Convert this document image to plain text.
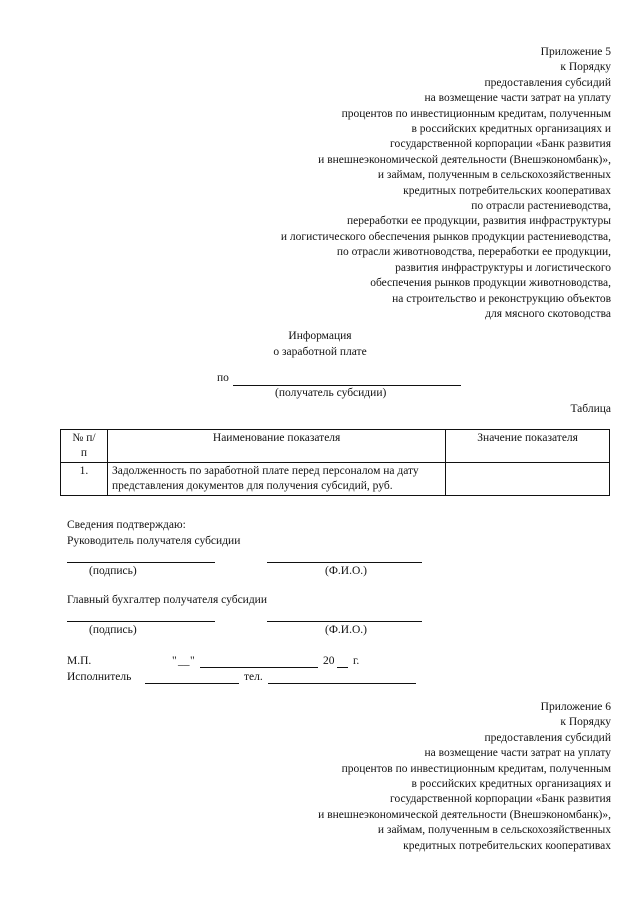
Приложение 5
к Порядку
предоставления субсидий
на возмещение части затрат на уплату
процентов по инвестиционным кредитам, полученным
в российских кредитных организациях и
государственной корпорации «Банк развития
и внешнеэкономической деятельности (Внешэкономбанк)»,
и займам, полученным в сельскохозяйственных
кредитных потребительских кооперативах
по отрасли растениеводства,
переработки ее продукции, развития инфраструктуры
и логистического обеспечения рынков продукции растениеводства,
по отрасли животноводства, переработки ее продукции,
развития инфраструктуры и логистического
обеспечения рынков продукции животноводства,
на строительство и реконструкцию объектов
для мясного скотоводства
Информация
о заработной плате
по
(получатель субсидии)
Таблица
№ п/п	Наименование показателя	Значение показателя
1.	Задолженность по заработной плате перед персоналом на дату представления документов для получения субсидий, руб.	
Сведения подтверждаю:
Руководитель получателя субсидии
(подпись)	(Ф.И.О.)
Главный бухгалтер получателя субсидии
(подпись)	(Ф.И.О.)
М.П.	" __ "	20 г.
Исполнитель	тел.
Приложение 6
к Порядку
предоставления субсидий
на возмещение части затрат на уплату
процентов по инвестиционным кредитам, полученным
в российских кредитных организациях и
государственной корпорации «Банк развития
и внешнеэкономической деятельности (Внешэкономбанк)»,
и займам, полученным в сельскохозяйственных
кредитных потребительских кооперативах
